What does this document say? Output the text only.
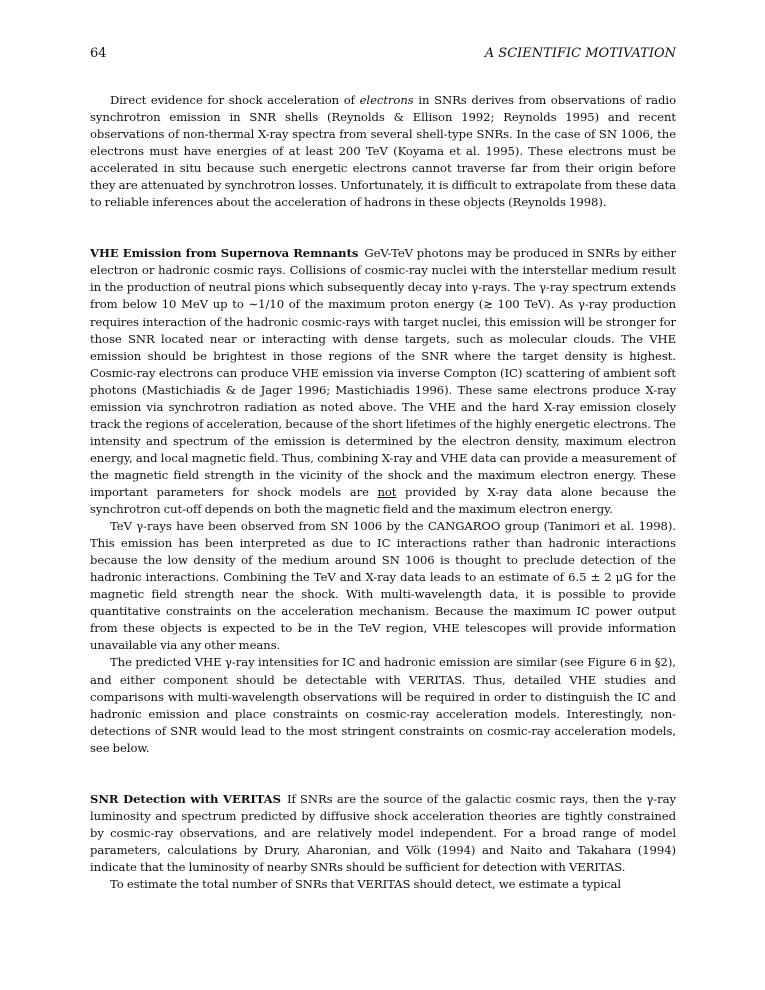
64	A SCIENTIFIC MOTIVATION

Direct evidence for shock acceleration of electrons in SNRs derives from observations of radio synchrotron emission in SNR shells (Reynolds & Ellison 1992; Reynolds 1995) and recent observations of non-thermal X-ray spectra from several shell-type SNRs. In the case of SN 1006, the electrons must have energies of at least 200 TeV (Koyama et al. 1995). These electrons must be accelerated in situ because such energetic electrons cannot traverse far from their origin before they are attenuated by synchrotron losses. Unfortunately, it is difficult to extrapolate from these data to reliable inferences about the acceleration of hadrons in these objects (Reynolds 1998).

VHE Emission from Supernova Remnants GeV-TeV photons may be produced in SNRs by either electron or hadronic cosmic rays. Collisions of cosmic-ray nuclei with the interstellar medium result in the production of neutral pions which subsequently decay into γ-rays. The γ-ray spectrum extends from below 10 MeV up to ∼1/10 of the maximum proton energy (≳ 100 TeV). As γ-ray production requires interaction of the hadronic cosmic-rays with target nuclei, this emission will be stronger for those SNR located near or interacting with dense targets, such as molecular clouds. The VHE emission should be brightest in those regions of the SNR where the target density is highest. Cosmic-ray electrons can produce VHE emission via inverse Compton (IC) scattering of ambient soft photons (Mastichiadis & de Jager 1996; Mastichiadis 1996). These same electrons produce X-ray emission via synchrotron radiation as noted above. The VHE and the hard X-ray emission closely track the regions of acceleration, because of the short lifetimes of the highly energetic electrons. The intensity and spectrum of the emission is determined by the electron density, maximum electron energy, and local magnetic field. Thus, combining X-ray and VHE data can provide a measurement of the magnetic field strength in the vicinity of the shock and the maximum electron energy. These important parameters for shock models are not provided by X-ray data alone because the synchrotron cut-off depends on both the magnetic field and the maximum electron energy.

TeV γ-rays have been observed from SN 1006 by the CANGAROO group (Tanimori et al. 1998). This emission has been interpreted as due to IC interactions rather than hadronic interactions because the low density of the medium around SN 1006 is thought to preclude detection of the hadronic interactions. Combining the TeV and X-ray data leads to an estimate of 6.5 ± 2 μG for the magnetic field strength near the shock. With multi-wavelength data, it is possible to provide quantitative constraints on the acceleration mechanism. Because the maximum IC power output from these objects is expected to be in the TeV region, VHE telescopes will provide information unavailable via any other means.

The predicted VHE γ-ray intensities for IC and hadronic emission are similar (see Figure 6 in §2), and either component should be detectable with VERITAS. Thus, detailed VHE studies and comparisons with multi-wavelength observations will be required in order to distinguish the IC and hadronic emission and place constraints on cosmic-ray acceleration models. Interestingly, non-detections of SNR would lead to the most stringent constraints on cosmic-ray acceleration models, see below.

SNR Detection with VERITAS If SNRs are the source of the galactic cosmic rays, then the γ-ray luminosity and spectrum predicted by diffusive shock acceleration theories are tightly constrained by cosmic-ray observations, and are relatively model independent. For a broad range of model parameters, calculations by Drury, Aharonian, and Völk (1994) and Naito and Takahara (1994) indicate that the luminosity of nearby SNRs should be sufficient for detection with VERITAS.

To estimate the total number of SNRs that VERITAS should detect, we estimate a typical
